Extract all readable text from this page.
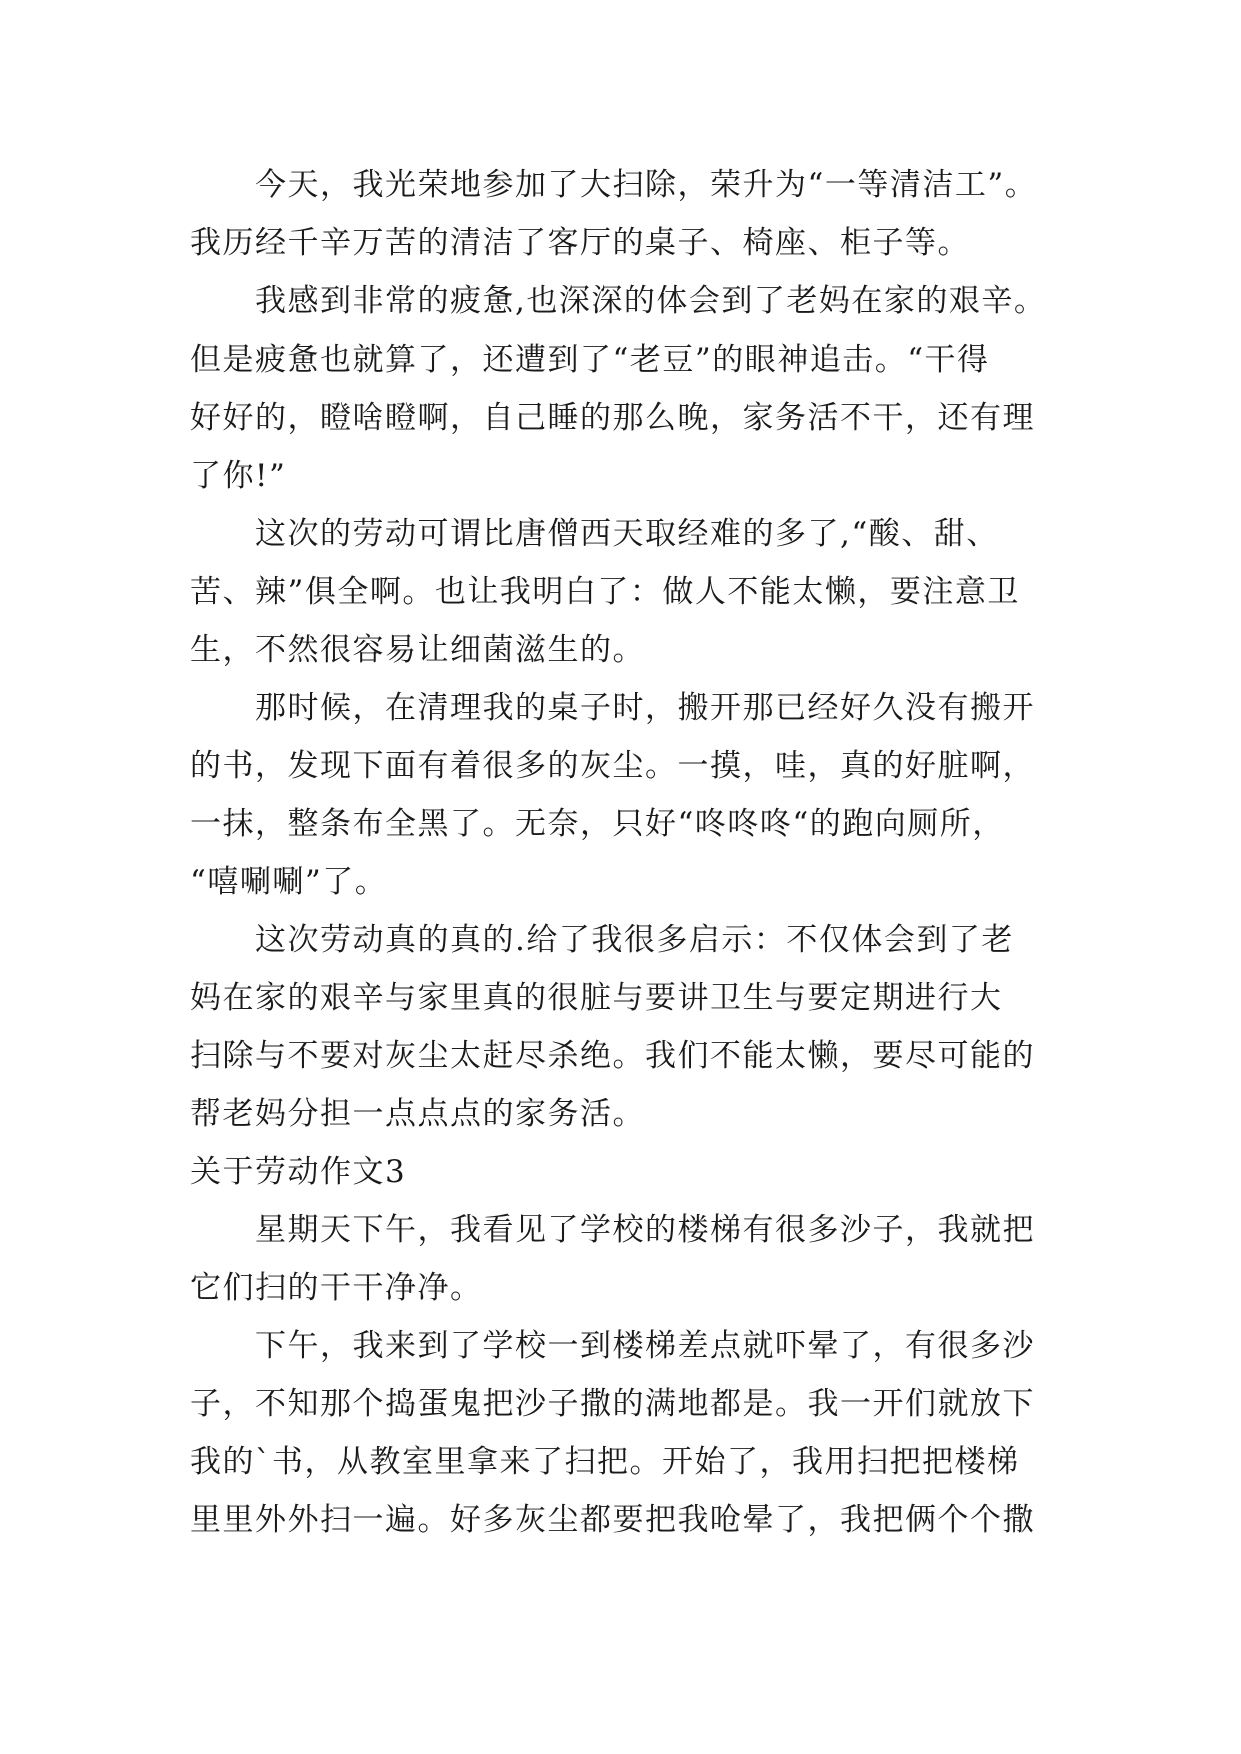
今天，我光荣地参加了大扫除，荣升为“一等清洁工”。
我历经千辛万苦的清洁了客厅的桌子、椅座、柜子等。
我感到非常的疲惫,也深深的体会到了老妈在家的艰辛。
但是疲惫也就算了，还遭到了“老豆”的眼神追击。“干得
好好的，瞪啥瞪啊，自己睡的那么晚，家务活不干，还有理
了你!”
这次的劳动可谓比唐僧西天取经难的多了,“酸、甜、
苦、辣”俱全啊。也让我明白了：做人不能太懒，要注意卫
生，不然很容易让细菌滋生的。
那时候，在清理我的桌子时，搬开那已经好久没有搬开
的书，发现下面有着很多的灰尘。一摸，哇，真的好脏啊，
一抹，整条布全黑了。无奈，只好“咚咚咚“的跑向厕所，
“嘻唰唰”了。
这次劳动真的真的.给了我很多启示：不仅体会到了老
妈在家的艰辛与家里真的很脏与要讲卫生与要定期进行大
扫除与不要对灰尘太赶尽杀绝。我们不能太懒，要尽可能的
帮老妈分担一点点点的家务活。
关于劳动作文3
星期天下午，我看见了学校的楼梯有很多沙子，我就把
它们扫的干干净净。
下午，我来到了学校一到楼梯差点就吓晕了，有很多沙
子，不知那个捣蛋鬼把沙子撒的满地都是。我一开们就放下
我的`书，从教室里拿来了扫把。开始了，我用扫把把楼梯
里里外外扫一遍。好多灰尘都要把我呛晕了，我把俩个个撒
